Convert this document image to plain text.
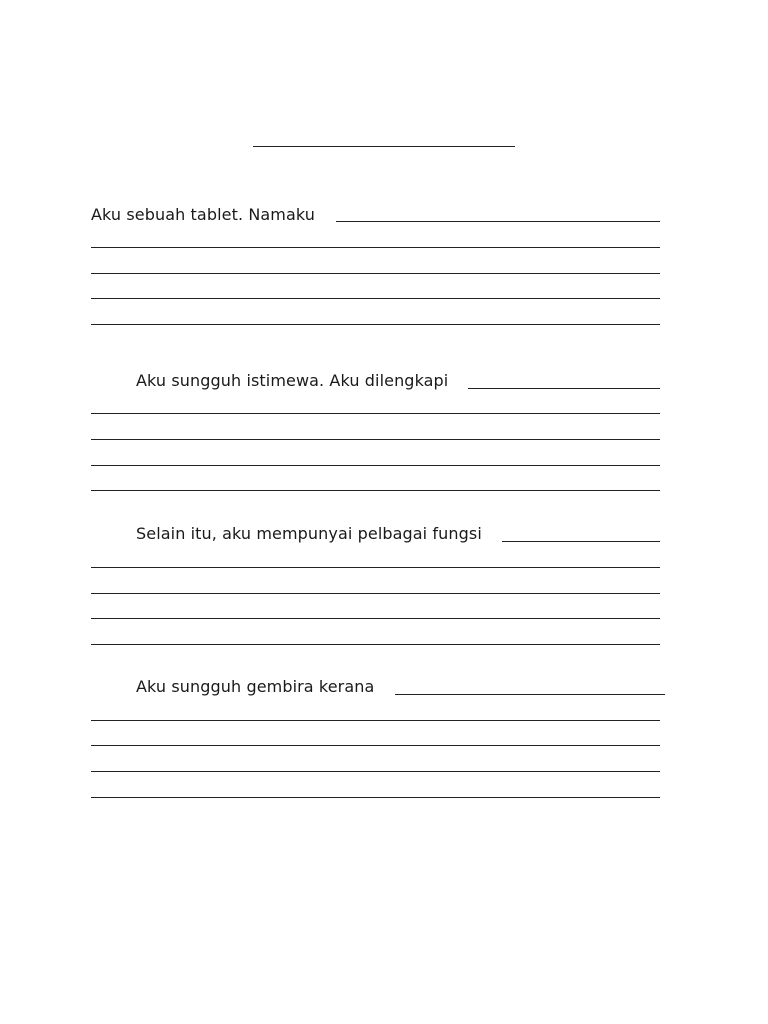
Aku sebuah tablet. Namaku
Aku sungguh istimewa. Aku dilengkapi
Selain itu, aku mempunyai pelbagai fungsi
Aku sungguh gembira kerana
